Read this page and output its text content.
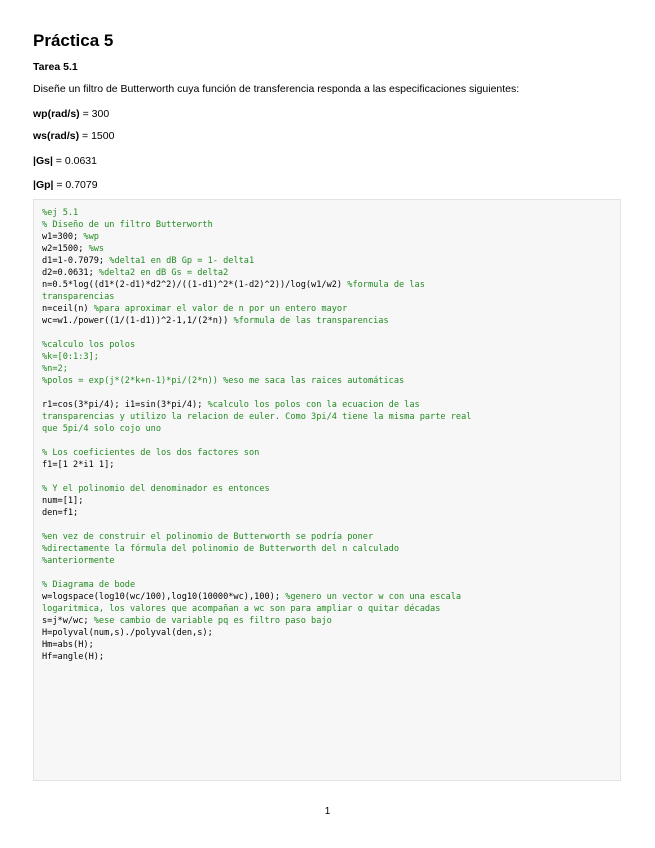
Práctica 5
Tarea 5.1
Diseñe un filtro de Butterworth cuya función de transferencia responda a las especificaciones siguientes:
wp(rad/s) = 300
ws(rad/s) = 1500
|Gs| = 0.0631
|Gp| = 0.7079
%ej 5.1
% Diseño de un filtro Butterworth
w1=300; %wp
w2=1500; %ws
d1=1-0.7079; %delta1 en dB Gp = 1- delta1
d2=0.0631; %delta2 en dB Gs = delta2
n=0.5*log((d1*(2-d1)*d2^2)/((1-d1)^2*(1-d2)^2))/log(w1/w2) %formula de las
transparencias
n=ceil(n) %para aproximar el valor de n por un entero mayor
wc=w1./power((1/(1-d1))^2-1,1/(2*n)) %formula de las transparencias

%calculo los polos
%k=[0:1:3];
%n=2;
%polos = exp(j*(2*k+n-1)*pi/(2*n)) %eso me saca las raices automáticas

r1=cos(3*pi/4); i1=sin(3*pi/4); %calculo los polos con la ecuacion de las
transparencias y utilizo la relacion de euler. Como 3pi/4 tiene la misma parte real
que 5pi/4 solo cojo uno

% Los coeficientes de los dos factores son
f1=[1 2*i1 1];

% Y el polinomio del denominador es entonces
num=[1];
den=f1;

%en vez de construir el polinomio de Butterworth se podría poner
%directamente la fórmula del polinomio de Butterworth del n calculado
%anteriormente

% Diagrama de bode
w=logspace(log10(wc/100),log10(10000*wc),100); %genero un vector w con una escala
logaritmica, los valores que acompañan a wc son para ampliar o quitar décadas
s=j*w/wc; %ese cambio de variable pq es filtro paso bajo
H=polyval(num,s)./polyval(den,s);
Hm=abs(H);
Hf=angle(H);
1
